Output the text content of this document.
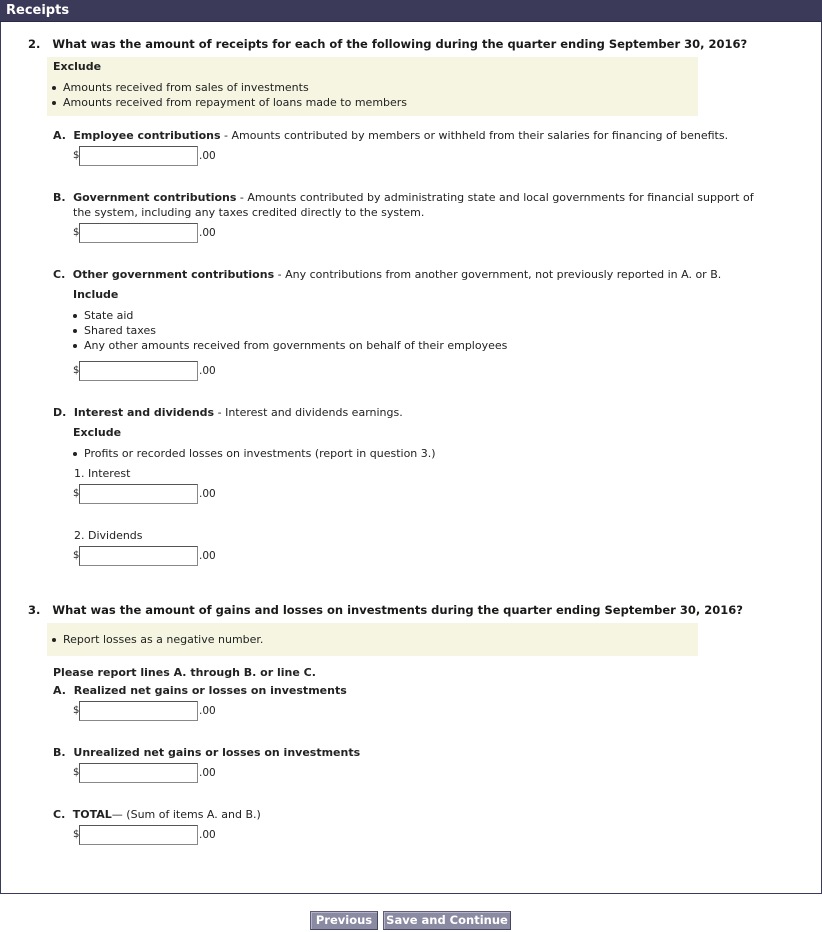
Receipts
2. What was the amount of receipts for each of the following during the quarter ending September 30, 2016?
Exclude
Amounts received from sales of investments
Amounts received from repayment of loans made to members
A. Employee contributions - Amounts contributed by members or withheld from their salaries for financing of benefits.
$	.00
B. Government contributions - Amounts contributed by administrating state and local governments for financial support of
the system, including any taxes credited directly to the system.
$	.00
C. Other government contributions - Any contributions from another government, not previously reported in A. or B.
Include
State aid
Shared taxes
Any other amounts received from governments on behalf of their employees
$	.00
D. Interest and dividends - Interest and dividends earnings.
Exclude
Profits or recorded losses on investments (report in question 3.)
1. Interest
$	.00
2. Dividends
$	.00
3. What was the amount of gains and losses on investments during the quarter ending September 30, 2016?
Report losses as a negative number.
Please report lines A. through B. or line C.
A. Realized net gains or losses on investments
$	.00
B. Unrealized net gains or losses on investments
$	.00
C. TOTAL— (Sum of items A. and B.)
$	.00
Previous	Save and Continue
